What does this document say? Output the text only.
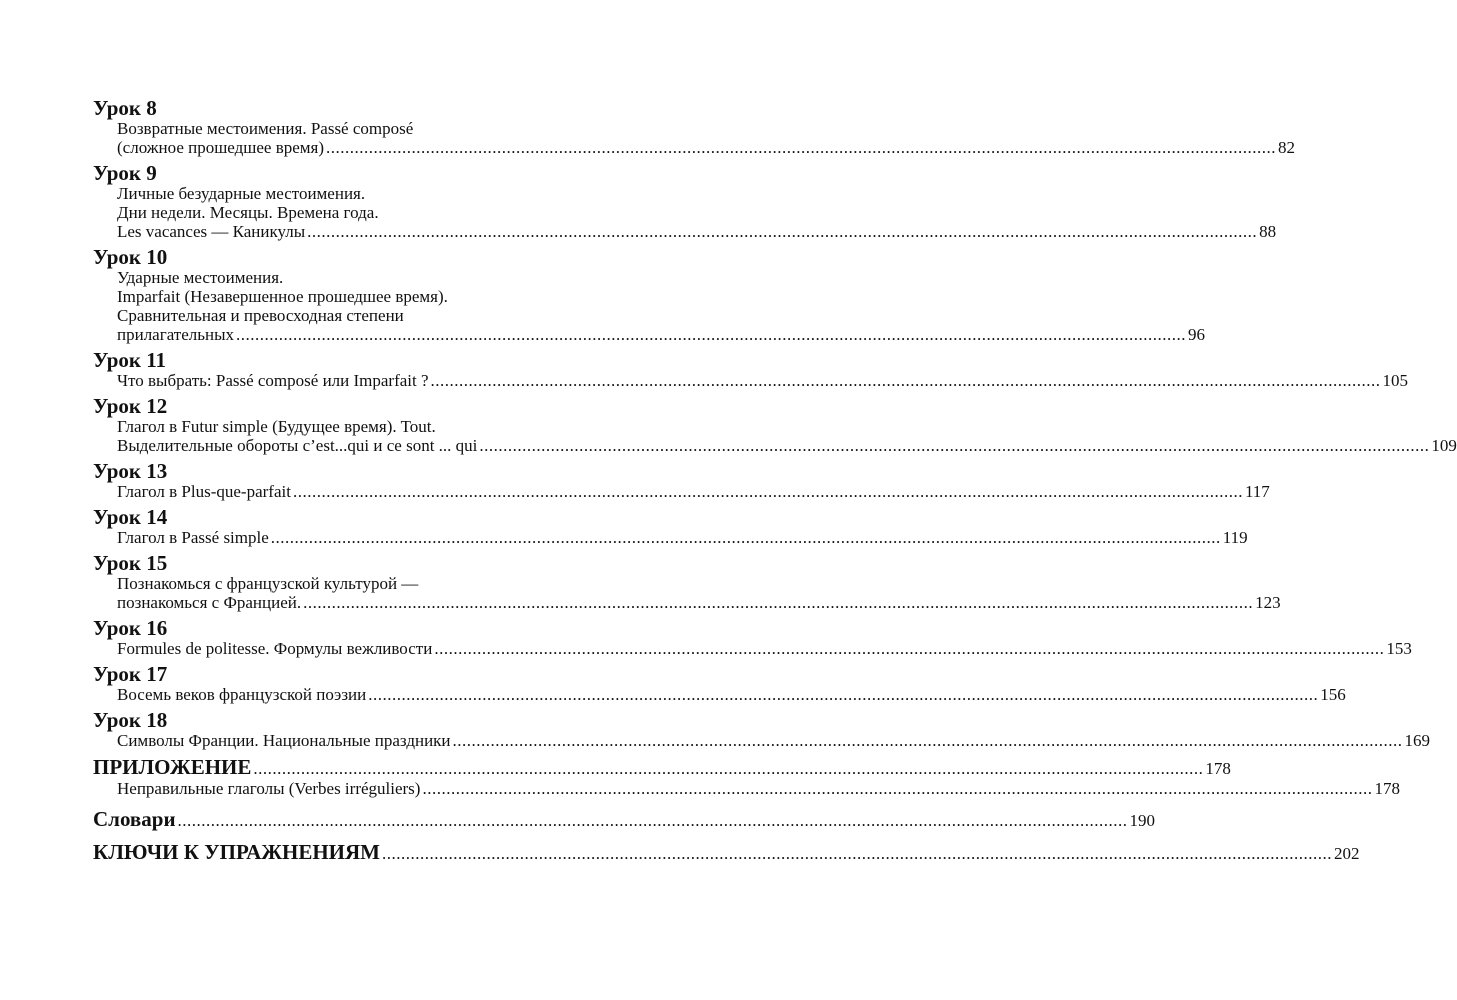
Урок 8
Возвратные местоимения. Passé composé
(сложное прошедшее время) ........................................................................................................................................................................................................ 82
Урок 9
Личные безударные местоимения.
Дни недели. Месяцы. Времена года.
Les vacances — Каникулы ........................................................................................................................................................................................................ 88
Урок 10
Ударные местоимения.
Imparfait (Незавершенное прошедшее время).
Сравнительная и превосходная степени
прилагательных ........................................................................................................................................................................................................ 96
Урок 11
Что выбрать: Passé composé или Imparfait ? ........................................................................................................................................................................................................ 105
Урок 12
Глагол в Futur simple (Будущее время). Tout.
Выделительные обороты c’est...qui и ce sont ... qui ........................................................................................................................................................................................................ 109
Урок 13
Глагол в Plus-que-parfait ........................................................................................................................................................................................................ 117
Урок 14
Глагол в Passé simple ........................................................................................................................................................................................................ 119
Урок 15
Познакомься с французской культурой —
познакомься с Францией. ........................................................................................................................................................................................................ 123
Урок 16
Formules de politesse. Формулы вежливости ........................................................................................................................................................................................................ 153
Урок 17
Восемь веков французской поэзии ........................................................................................................................................................................................................ 156
Урок 18
Символы Франции. Национальные праздники ........................................................................................................................................................................................................ 169
ПРИЛОЖЕНИЕ ........................................................................................................................................................................................................ 178
Неправильные глаголы (Verbes irréguliers) ........................................................................................................................................................................................................ 178
Словари ........................................................................................................................................................................................................ 190
КЛЮЧИ К УПРАЖНЕНИЯМ ........................................................................................................................................................................................................ 202
